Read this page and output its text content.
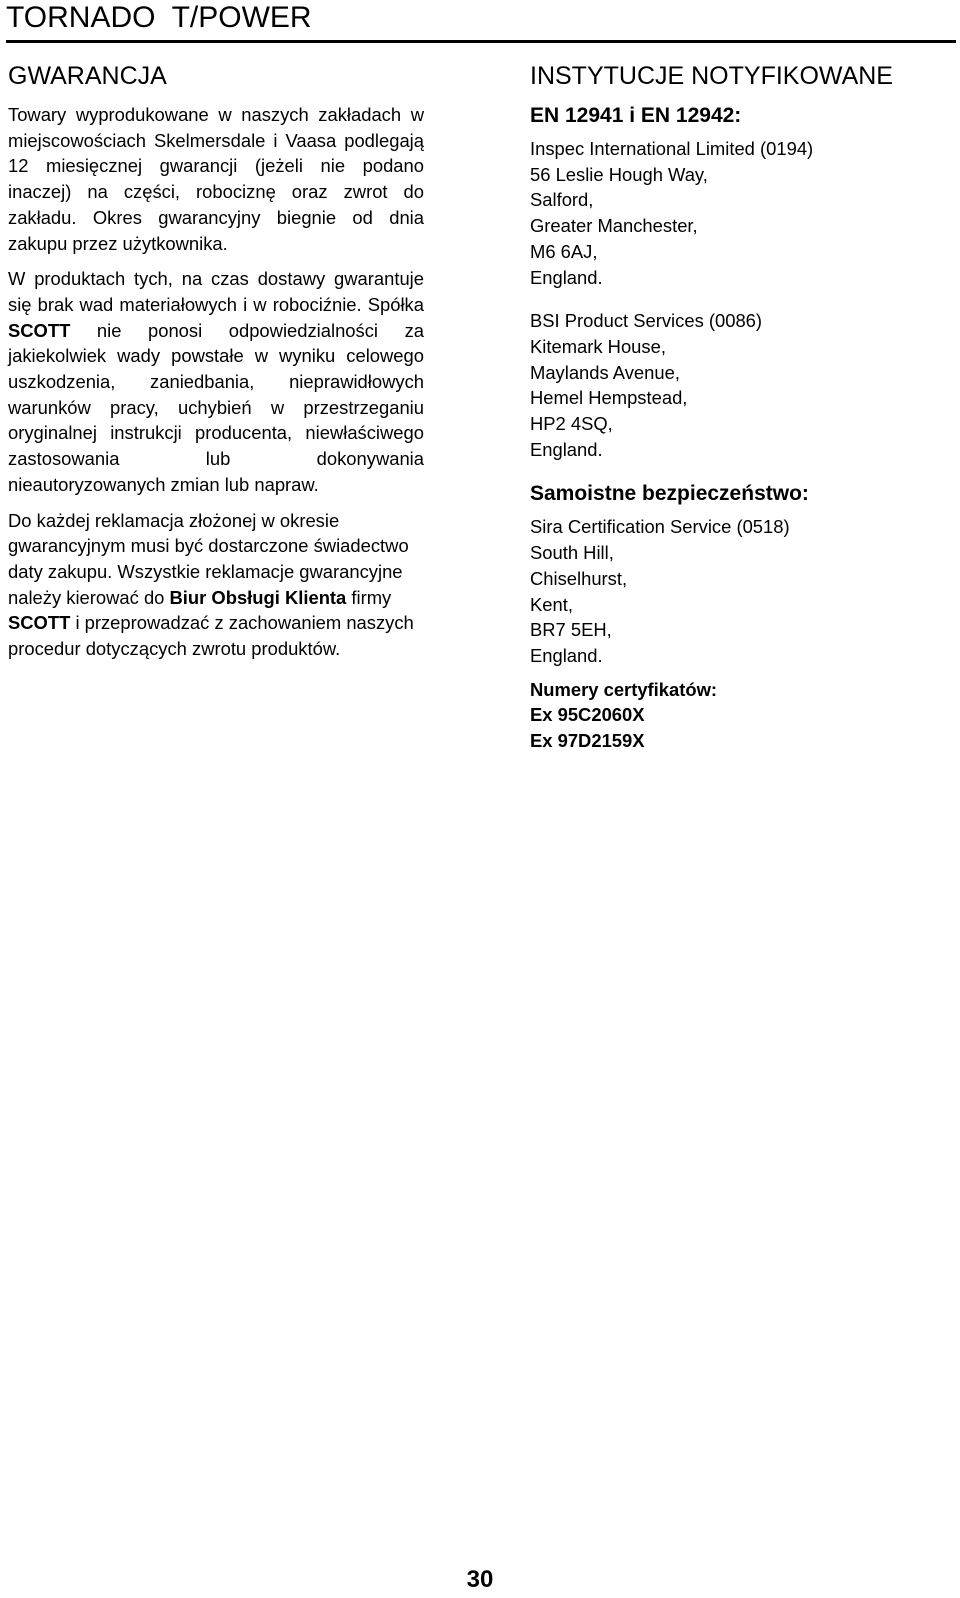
TORNADO  T/POWER
GWARANCJA

Towary wyprodukowane w naszych zakładach w miejscowościach Skelmersdale i Vaasa podlegają 12 miesięcznej gwarancji (jeżeli nie podano inaczej) na części, robociznę oraz zwrot do zakładu. Okres gwarancyjny biegnie od dnia zakupu przez użytkownika.

W produktach tych, na czas dostawy gwarantuje się brak wad materiałowych i w robociźnie. Spółka SCOTT nie ponosi odpowiedzialności za jakiekolwiek wady powstałe w wyniku celowego uszkodzenia, zaniedbania, nieprawidłowych warunków pracy, uchybień w przestrzeganiu oryginalnej instrukcji producenta, niewłaściwego zastosowania lub dokonywania nieautoryzowanych zmian lub napraw.

Do każdej reklamacja złożonej w okresie gwarancyjnym musi być dostarczone świadectwo daty zakupu. Wszystkie reklamacje gwarancyjne należy kierować do Biur Obsługi Klienta firmy SCOTT i przeprowadzać z zachowaniem naszych procedur dotyczących zwrotu produktów.

INSTYTUCJE NOTYFIKOWANE
EN 12941 i EN 12942:

Inspec International Limited (0194)

56 Leslie Hough Way,

Salford,

Greater Manchester,

M6 6AJ,

England.

BSI Product Services (0086)

Kitemark House,

Maylands Avenue,

Hemel Hempstead,

HP2 4SQ,

England.

Samoistne bezpieczeństwo:

Sira Certification Service (0518)

South Hill,

Chiselhurst,

Kent,

BR7 5EH,

England.

Numery certyfikatów:

Ex 95C2060X

Ex 97D2159X

30
